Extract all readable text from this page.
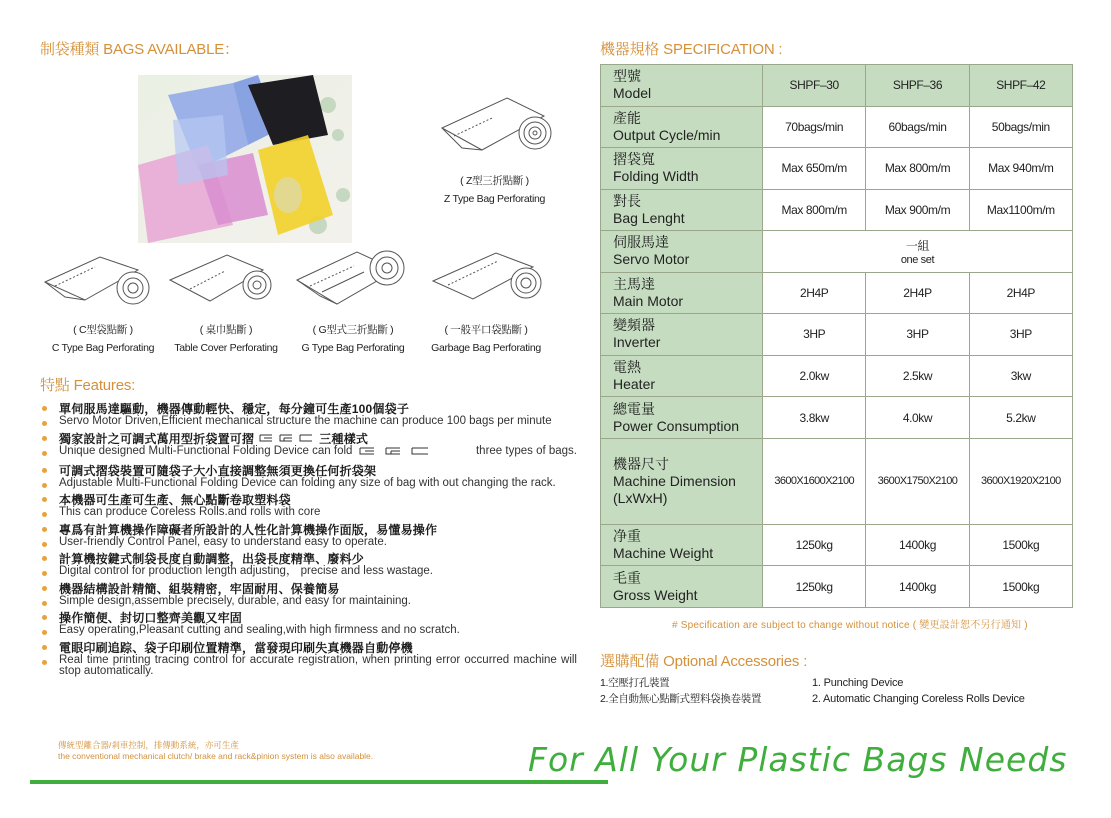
制袋種類 BAGS AVAILABLE：	機器規格 SPECIFICATION :
特點 Features:
選購配備 Optional Accessories :
( Z型三折點斷 )
Z Type Bag Perforating
( C型袋點斷 )
C Type Bag Perforating
( 桌巾點斷 )
Table Cover Perforating
( G型式三折點斷 )
G Type Bag Perforating
( 一般平口袋點斷 )
Garbage Bag Perforating
單伺服馬達驅動，機器傳動輕快、穩定，每分鐘可生產100個袋子
Servo Motor Driven,Efficient mechanical structure the machine can produce 100 bags per minute
獨家設計之可調式萬用型折袋置可摺	三種樣式
Unique designed Multi-Functional Folding Device can fold	three types of bags.
可調式摺袋裝置可隨袋子大小直接調整無須更換任何折袋架
Adjustable Multi-Functional Folding Device can folding any size of bag with out changing the rack.
本機器可生產可生產、無心點斷卷取塑料袋
This can produce Coreless Rolls.and rolls with core
專爲有計算機操作障礙者所設計的人性化計算機操作面版，易懂易操作
User-friendly Control Panel, easy to understand easy to operate.
計算機按鍵式制袋長度自動調整，出袋長度精準、廢料少
Digital control for production length adjusting， precise and less wastage.
機器結構設計精簡、組裝精密，牢固耐用、保養簡易
Simple design,assemble precisely, durable, and easy for maintaining.
操作簡便、封切口整齊美觀又牢固
Easy operating,Pleasant cutting and sealing,with high firmness and no scratch.
電眼印刷追踪、袋子印刷位置精準，當發現印刷失真機器自動停機
Real time printing tracing control for accurate registration, when printing error occurred machine will stop automatically.
傳統型離合器/剎車控制，排傳動系統，亦可生產
the conventional mechanical clutch/ brake and rack&pinion system is also available.
型號
Model	SHPF–30	SHPF–36	SHPF–42

產能
Output Cycle/min	70bags/min	60bags/min	50bags/min

摺袋寬
Folding Width	Max 650m/m	Max 800m/m	Max 940m/m

對長
Bag Lenght	Max 800m/m	Max 900m/m	Max1100m/m

伺服馬達
Servo Motor	一組
one set		

主馬達
Main Motor	2H4P	2H4P	2H4P

變頻器
Inverter	3HP	3HP	3HP

電熱
Heater	2.0kw	2.5kw	3kw

總電量
Power Consumption	3.8kw	4.0kw	5.2kw

機器尺寸
Machine Dimension
(LxWxH)	3600X1600X2100	3600X1750X2100	3600X1920X2100

净重
Machine Weight	1250kg	1400kg	1500kg

毛重
Gross Weight	1250kg	1400kg	1500kg
# Specification are subject to change without notice ( 變更設計恕不另行通知 )
1.空壓打孔裝置
2.全自動無心點斷式塑料袋換卷裝置
1. Punching Device
2. Automatic Changing Coreless Rolls Device
For All Your Plastic Bags Needs
